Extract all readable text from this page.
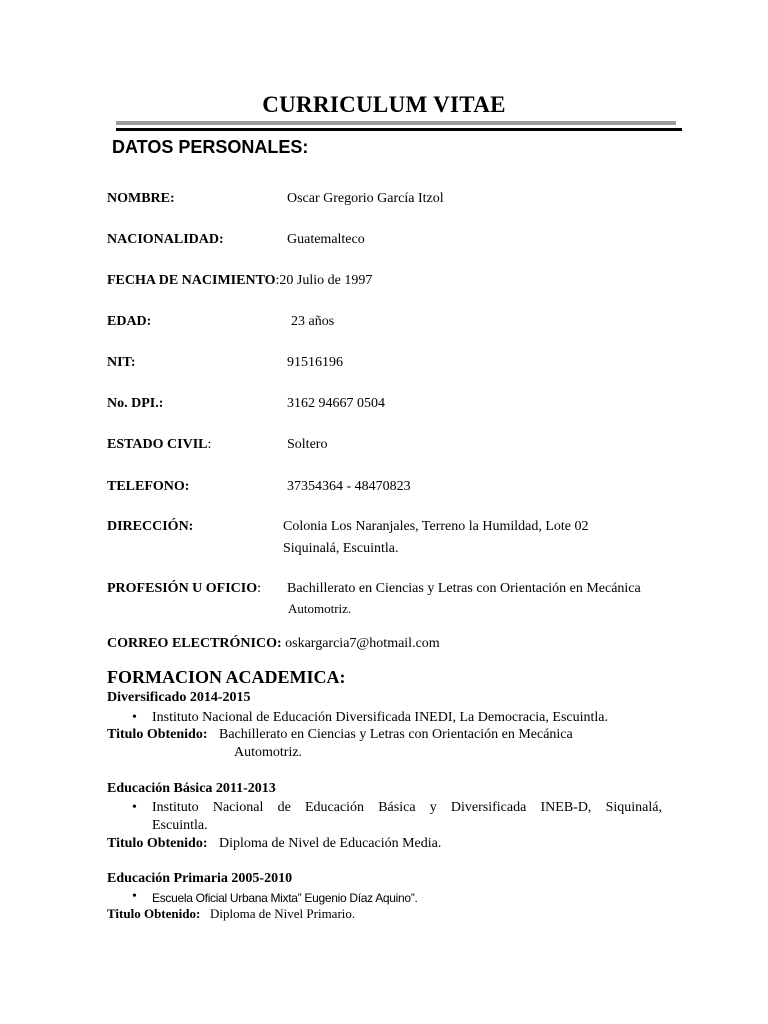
CURRICULUM VITAE
DATOS PERSONALES:
NOMBRE:	Oscar Gregorio García Itzol
NACIONALIDAD:	Guatemalteco
FECHA DE NACIMIENTO:20 Julio de 1997
EDAD:	23 años
NIT:	91516196
No. DPI.:	3162 94667 0504
ESTADO CIVIL:	Soltero
TELEFONO:	37354364 - 48470823
DIRECCIÓN:	Colonia Los Naranjales, Terreno la Humildad, Lote 02
Siquinalá, Escuintla.
PROFESIÓN U OFICIO: Bachillerato en Ciencias y Letras con Orientación en Mecánica
Automotriz.
CORREO ELECTRÓNICO: oskargarcia7@hotmail.com
FORMACION ACADEMICA:
Diversificado 2014-2015
• Instituto Nacional de Educación Diversificada INEDI, La Democracia, Escuintla.
Titulo Obtenido: Bachillerato en Ciencias y Letras con Orientación en Mecánica
Automotriz.
Educación Básica 2011-2013
• Instituto Nacional de Educación Básica y Diversificada INEB-D, Siquinalá,
Escuintla.
Titulo Obtenido: Diploma de Nivel de Educación Media.
Educación Primaria 2005-2010
• Escuela Oficial Urbana Mixta” Eugenio Díaz Aquino”.
Titulo Obtenido: Diploma de Nivel Primario.
